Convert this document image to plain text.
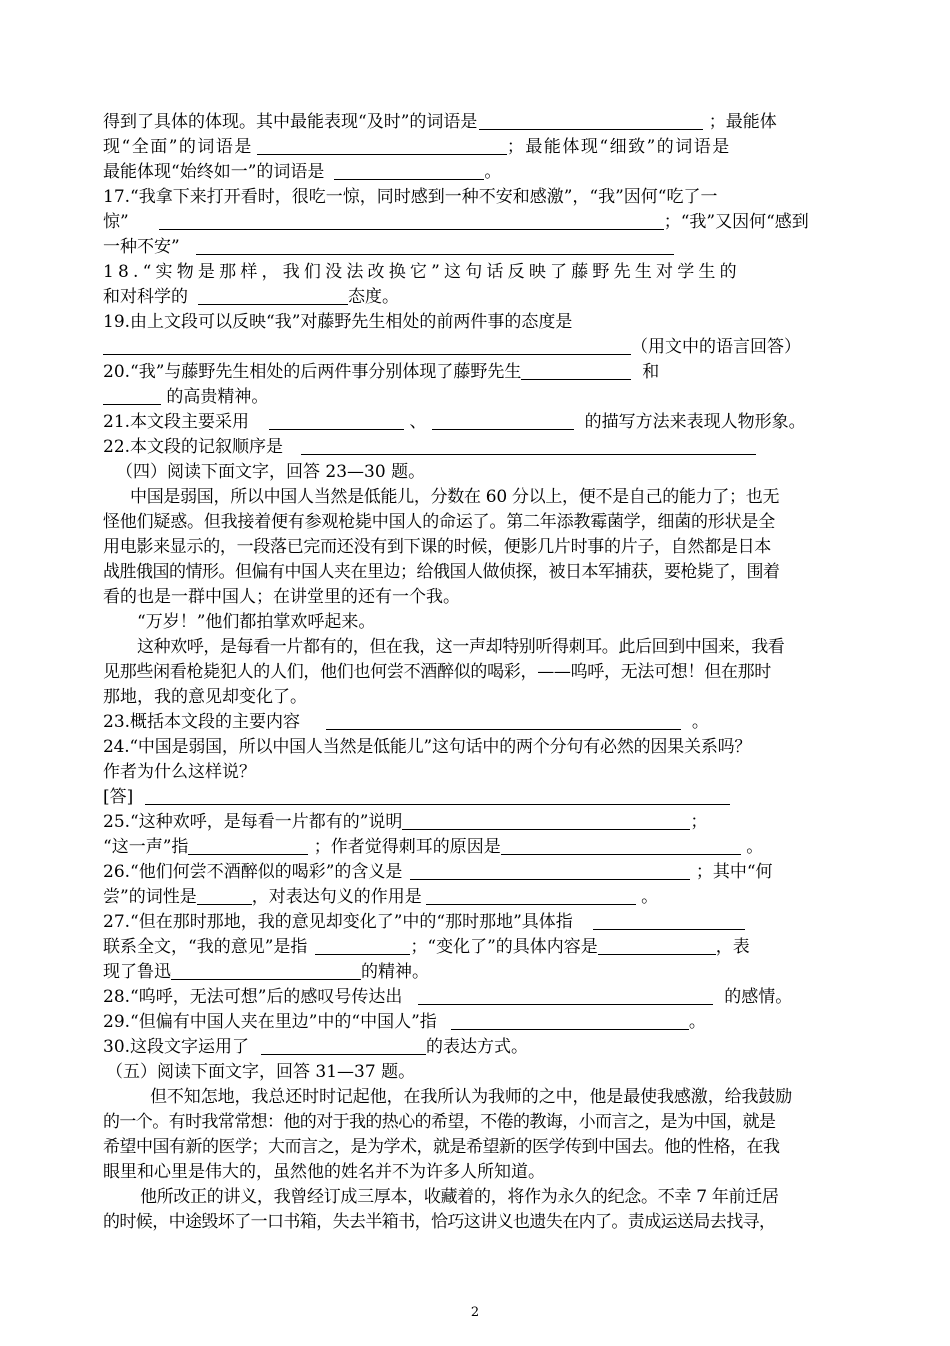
得到了具体的体现。其中最能表现“及时”的词语是	；最能体
现“全面”的词语是	；最能体现“细致”的词语是
最能体现“始终如一”的词语是	。
17.“我拿下来打开看时，很吃一惊，同时感到一种不安和感激”，“我”因何“吃了一
惊”	；“我”又因何“感到
一种不安”
18.“实物是那样，我们没法改换它”这句话反映了藤野先生对学生的
和对科学的	态度。
19.由上文段可以反映“我”对藤野先生相处的前两件事的态度是
（用文中的语言回答）
20.“我”与藤野先生相处的后两件事分别体现了藤野先生	和
的高贵精神。
21.本文段主要采用	、	的描写方法来表现人物形象。
22.本文段的记叙顺序是
（四）阅读下面文字，回答 23—30 题。
中国是弱国，所以中国人当然是低能儿，分数在 60 分以上，便不是自己的能力了；也无
怪他们疑惑。但我接着便有参观枪毙中国人的命运了。第二年添教霉菌学，细菌的形状是全
用电影来显示的，一段落已完而还没有到下课的时候，便影几片时事的片子，自然都是日本
战胜俄国的情形。但偏有中国人夹在里边；给俄国人做侦探，被日本军捕获，要枪毙了，围着
看的也是一群中国人；在讲堂里的还有一个我。
“万岁！”他们都拍掌欢呼起来。
这种欢呼，是每看一片都有的，但在我，这一声却特别听得刺耳。此后回到中国来，我看
见那些闲看枪毙犯人的人们，他们也何尝不酒醉似的喝彩，——呜呼，无法可想！但在那时
那地，我的意见却变化了。
23.概括本文段的主要内容	。
24.“中国是弱国，所以中国人当然是低能儿”这句话中的两个分句有必然的因果关系吗？
作者为什么这样说？
[答]
25.“这种欢呼，是每看一片都有的”说明	；
“这一声”指	；作者觉得刺耳的原因是	。
26.“他们何尝不酒醉似的喝彩”的含义是	；其中“何
尝”的词性是	，对表达句义的作用是	。
27.“但在那时那地，我的意见却变化了”中的“那时那地”具体指
联系全文，“我的意见”是指	；“变化了”的具体内容是	，表
现了鲁迅	的精神。
28.“呜呼，无法可想”后的感叹号传达出	的感情。
29.“但偏有中国人夹在里边”中的“中国人”指	。
30.这段文字运用了	的表达方式。
（五）阅读下面文字，回答 31—37 题。
但不知怎地，我总还时时记起他，在我所认为我师的之中，他是最使我感激，给我鼓励
的一个。有时我常常想：他的对于我的热心的希望，不倦的教诲，小而言之，是为中国，就是
希望中国有新的医学；大而言之，是为学术，就是希望新的医学传到中国去。他的性格，在我
眼里和心里是伟大的，虽然他的姓名并不为许多人所知道。
他所改正的讲义，我曾经订成三厚本，收藏着的，将作为永久的纪念。不幸 7 年前迁居
的时候，中途毁坏了一口书箱，失去半箱书，恰巧这讲义也遗失在内了。责成运送局去找寻，
2
